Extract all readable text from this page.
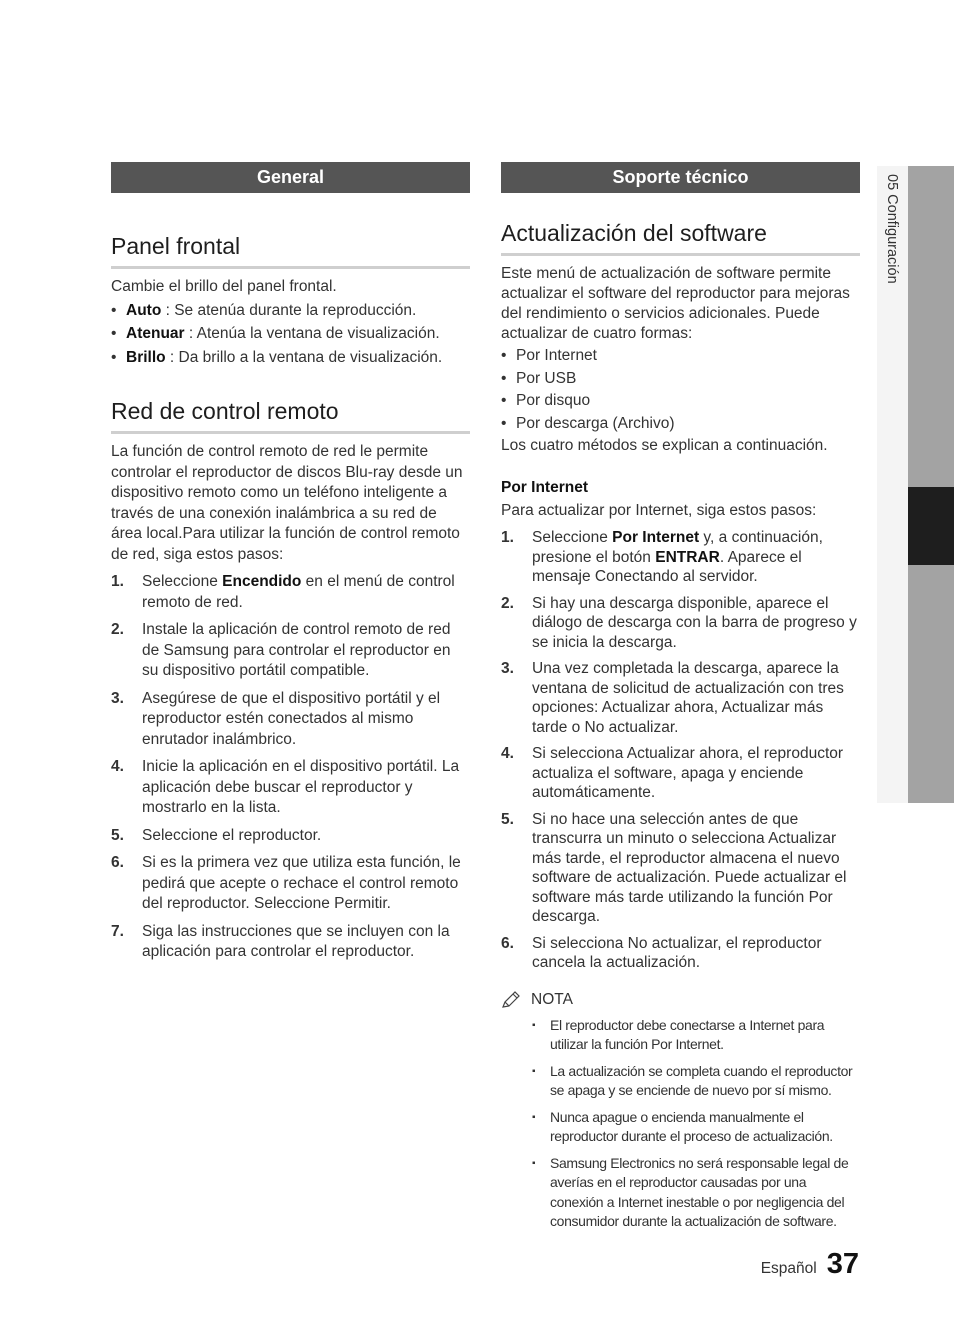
05 Configuración
General
Panel frontal

Cambie el brillo del panel frontal.

• Auto : Se atenúa durante la reproducción.
• Atenuar : Atenúa la ventana de visualización.
• Brillo : Da brillo a la ventana de visualización.
Red de control remoto

La función de control remoto de red le permite controlar el reproductor de discos Blu-ray desde un dispositivo remoto como un teléfono inteligente a través de una conexión inalámbrica a su red de área local.Para utilizar la función de control remoto de red, siga estos pasos:

1. Seleccione Encendido en el menú de control remoto de red.
2. Instale la aplicación de control remoto de red de Samsung para controlar el reproductor en su dispositivo portátil compatible.
3. Asegúrese de que el dispositivo portátil y el reproductor estén conectados al mismo enrutador inalámbrico.
4. Inicie la aplicación en el dispositivo portátil. La aplicación debe buscar el reproductor y mostrarlo en la lista.
5. Seleccione el reproductor.
6. Si es la primera vez que utiliza esta función, le pedirá que acepte o rechace el control remoto del reproductor. Seleccione Permitir.
7. Siga las instrucciones que se incluyen con la aplicación para controlar el reproductor.
Soporte técnico
Actualización del software

Este menú de actualización de software permite actualizar el software del reproductor para mejoras del rendimiento o servicios adicionales. Puede actualizar de cuatro formas:

• Por Internet
• Por USB
• Por disquo
• Por descarga (Archivo)

Los cuatro métodos se explican a continuación.

Por Internet

Para actualizar por Internet, siga estos pasos:

1. Seleccione Por Internet y, a continuación, presione el botón ENTRAR. Aparece el mensaje Conectando al servidor.
2. Si hay una descarga disponible, aparece el diálogo de descarga con la barra de progreso y se inicia la descarga.
3. Una vez completada la descarga, aparece la ventana de solicitud de actualización con tres opciones: Actualizar ahora, Actualizar más tarde o No actualizar.
4. Si selecciona Actualizar ahora, el reproductor actualiza el software, apaga y enciende automáticamente.
5. Si no hace una selección antes de que transcurra un minuto o selecciona Actualizar más tarde, el reproductor almacena el nuevo software de actualización. Puede actualizar el software más tarde utilizando la función Por descarga.
6. Si selecciona No actualizar, el reproductor cancela la actualización.
NOTA
▪ El reproductor debe conectarse a Internet para utilizar la función Por Internet.
▪ La actualización se completa cuando el reproductor se apaga y se enciende de nuevo por sí mismo.
▪ Nunca apague o encienda manualmente el reproductor durante el proceso de actualización.
▪ Samsung Electronics no será responsable legal de averías en el reproductor causadas por una conexión a Internet inestable o por negligencia del consumidor durante la actualización de software.
Español 37
